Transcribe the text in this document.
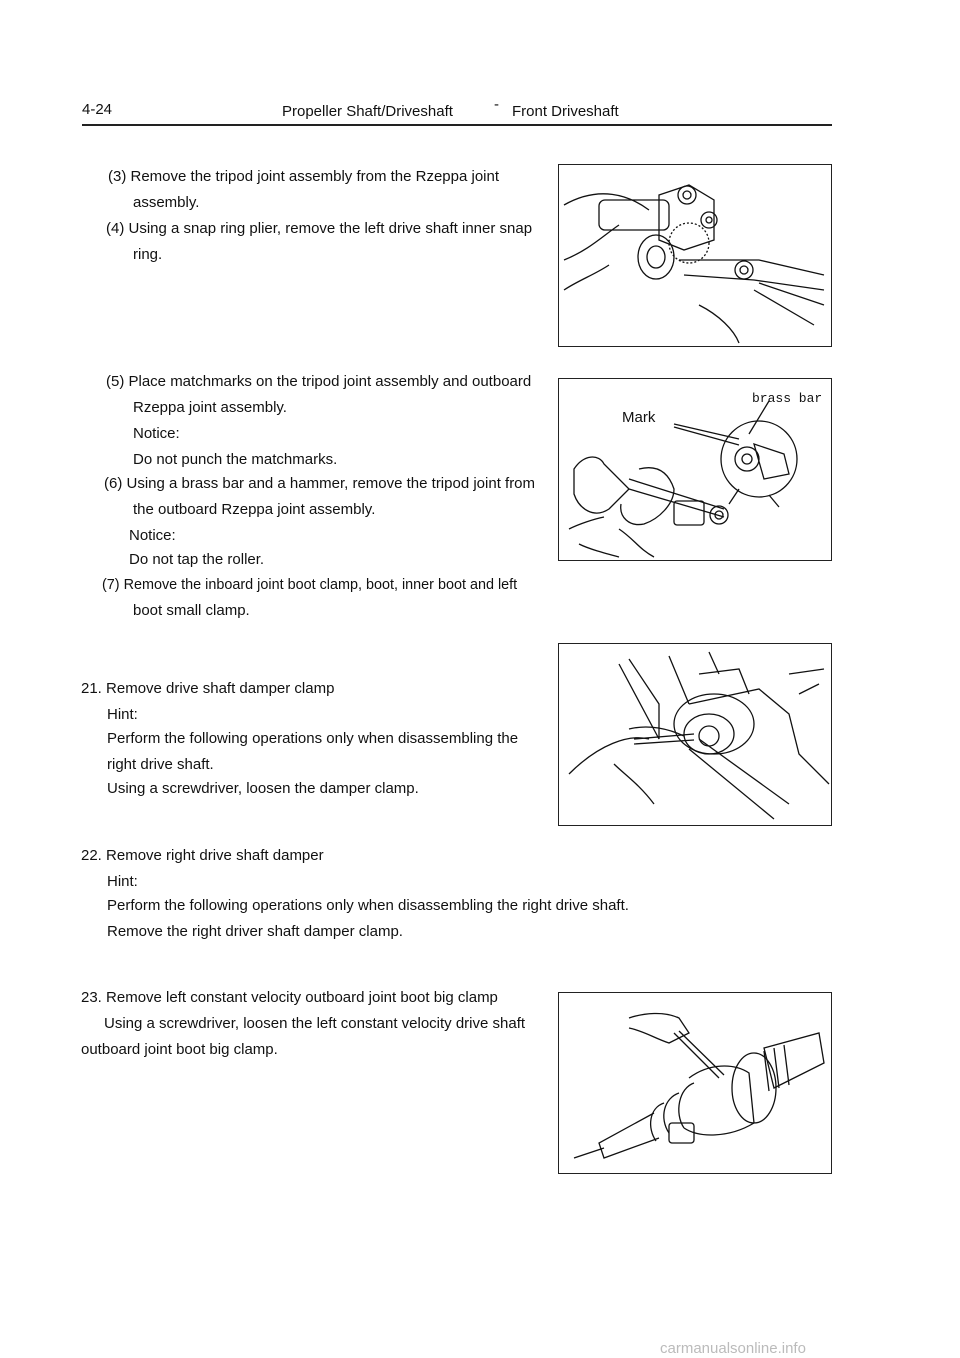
4-24	Propeller Shaft/Driveshaft	- Front Driveshaft
(3) Remove the tripod joint assembly from the Rzeppa joint
assembly.
(4) Using a snap ring plier, remove the left drive shaft inner snap
ring.
(5) Place matchmarks on the tripod joint assembly and outboard
Rzeppa joint assembly.
Notice:
Do not punch the matchmarks.
(6) Using a brass bar and a hammer, remove the tripod joint from
the outboard Rzeppa joint assembly.
Notice:
Do not tap the roller.
(7) Remove the inboard joint boot clamp, boot, inner boot and left
boot small clamp.
brass bar
Mark
21. Remove drive shaft damper clamp
Hint:
Perform the following operations only when disassembling the
right drive shaft.
Using a screwdriver, loosen the damper clamp.
22. Remove right drive shaft damper
Hint:
Perform the following operations only when disassembling the right drive shaft.
Remove the right driver shaft damper clamp.
23. Remove left constant velocity outboard joint boot big clamp
Using a screwdriver, loosen the left constant velocity drive shaft
outboard joint boot big clamp.
carmanualsonline.info
